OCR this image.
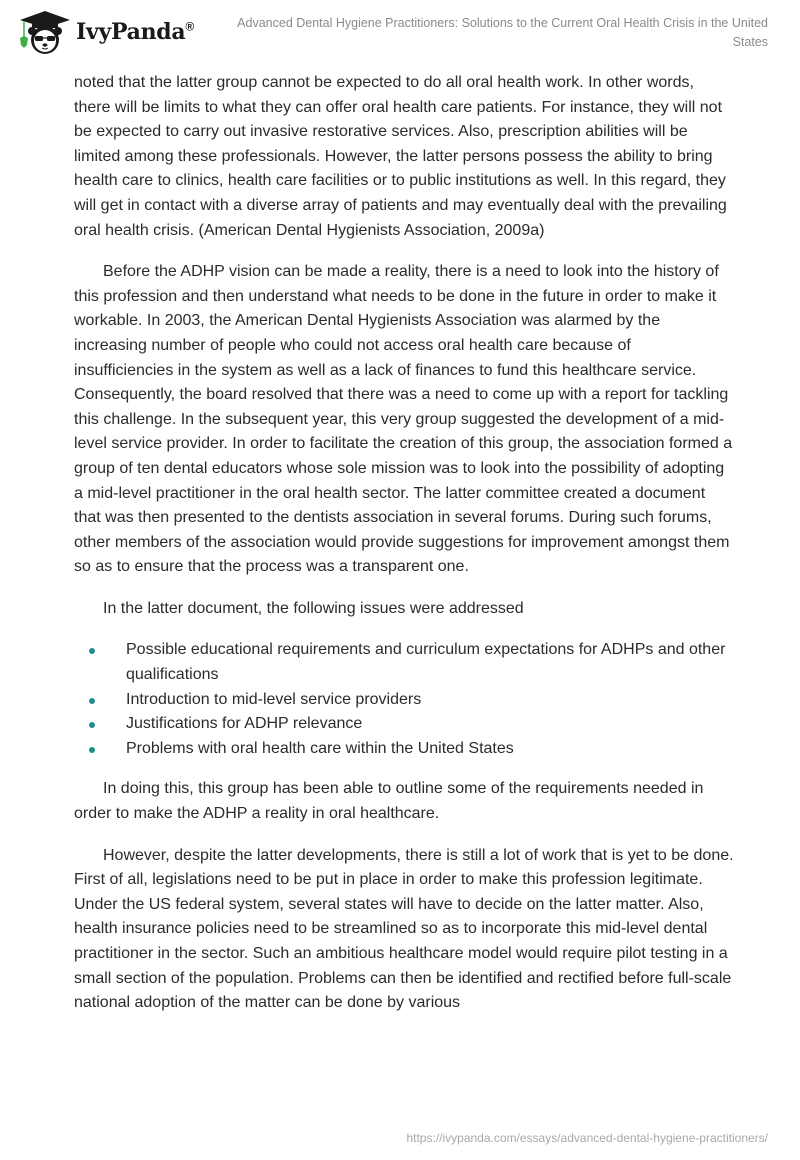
IvyPanda®	Advanced Dental Hygiene Practitioners: Solutions to the Current Oral Health Crisis in the United States

noted that the latter group cannot be expected to do all oral health work. In other words, there will be limits to what they can offer oral health care patients. For instance, they will not be expected to carry out invasive restorative services. Also, prescription abilities will be limited among these professionals. However, the latter persons possess the ability to bring health care to clinics, health care facilities or to public institutions as well. In this regard, they will get in contact with a diverse array of patients and may eventually deal with the prevailing oral health crisis. (American Dental Hygienists Association, 2009a)

Before the ADHP vision can be made a reality, there is a need to look into the history of this profession and then understand what needs to be done in the future in order to make it workable. In 2003, the American Dental Hygienists Association was alarmed by the increasing number of people who could not access oral health care because of insufficiencies in the system as well as a lack of finances to fund this healthcare service. Consequently, the board resolved that there was a need to come up with a report for tackling this challenge. In the subsequent year, this very group suggested the development of a mid-level service provider. In order to facilitate the creation of this group, the association formed a group of ten dental educators whose sole mission was to look into the possibility of adopting a mid-level practitioner in the oral health sector. The latter committee created a document that was then presented to the dentists association in several forums. During such forums, other members of the association would provide suggestions for improvement amongst them so as to ensure that the process was a transparent one.

In the latter document, the following issues were addressed

Possible educational requirements and curriculum expectations for ADHPs and other qualifications
Introduction to mid-level service providers
Justifications for ADHP relevance
Problems with oral health care within the United States

In doing this, this group has been able to outline some of the requirements needed in order to make the ADHP a reality in oral healthcare.

However, despite the latter developments, there is still a lot of work that is yet to be done. First of all, legislations need to be put in place in order to make this profession legitimate. Under the US federal system, several states will have to decide on the latter matter. Also, health insurance policies need to be streamlined so as to incorporate this mid-level dental practitioner in the sector. Such an ambitious healthcare model would require pilot testing in a small section of the population. Problems can then be identified and rectified before full-scale national adoption of the matter can be done by various

https://ivypanda.com/essays/advanced-dental-hygiene-practitioners/
